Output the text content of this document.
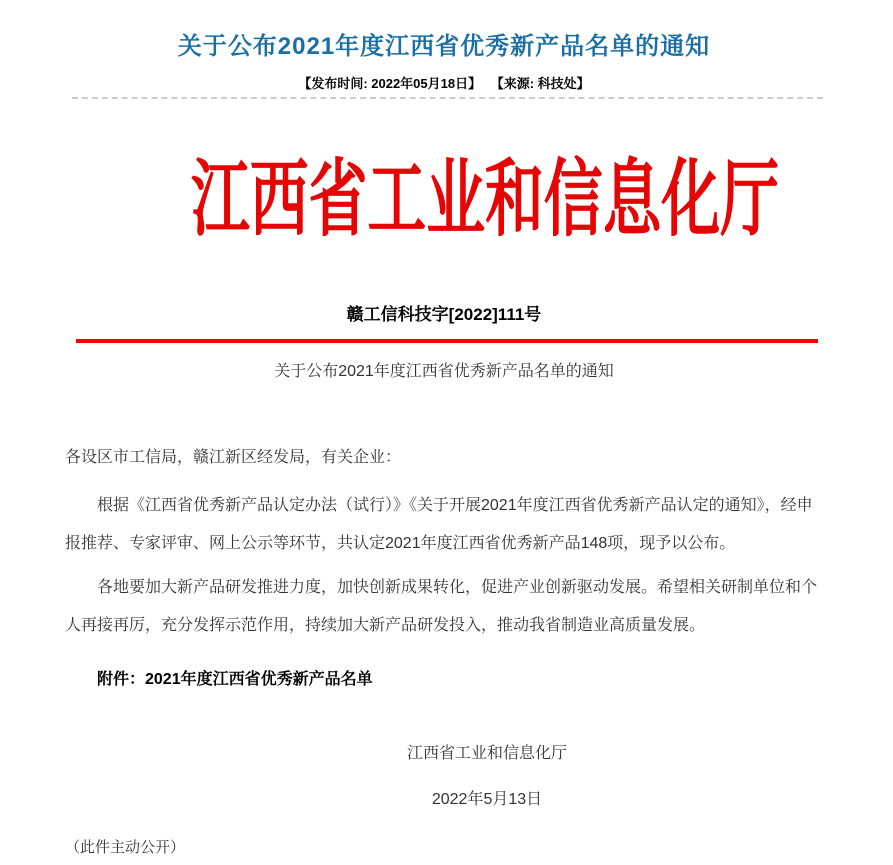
关于公布2021年度江西省优秀新产品名单的通知
【发布时间: 2022年05月18日】 【来源: 科技处】
江西省工业和信息化厅
赣工信科技字[2022]111号
关于公布2021年度江西省优秀新产品名单的通知

各设区市工信局，赣江新区经发局，有关企业：

根据《江西省优秀新产品认定办法（试行）》《关于开展2021年度江西省优秀新产品认定的通知》，经申报推荐、专家评审、网上公示等环节，共认定2021年度江西省优秀新产品148项，现予以公布。

各地要加大新产品研发推进力度，加快创新成果转化，促进产业创新驱动发展。希望相关研制单位和个人再接再厉，充分发挥示范作用，持续加大新产品研发投入，推动我省制造业高质量发展。

附件：2021年度江西省优秀新产品名单

江西省工业和信息化厅

2022年5月13日

（此件主动公开）
